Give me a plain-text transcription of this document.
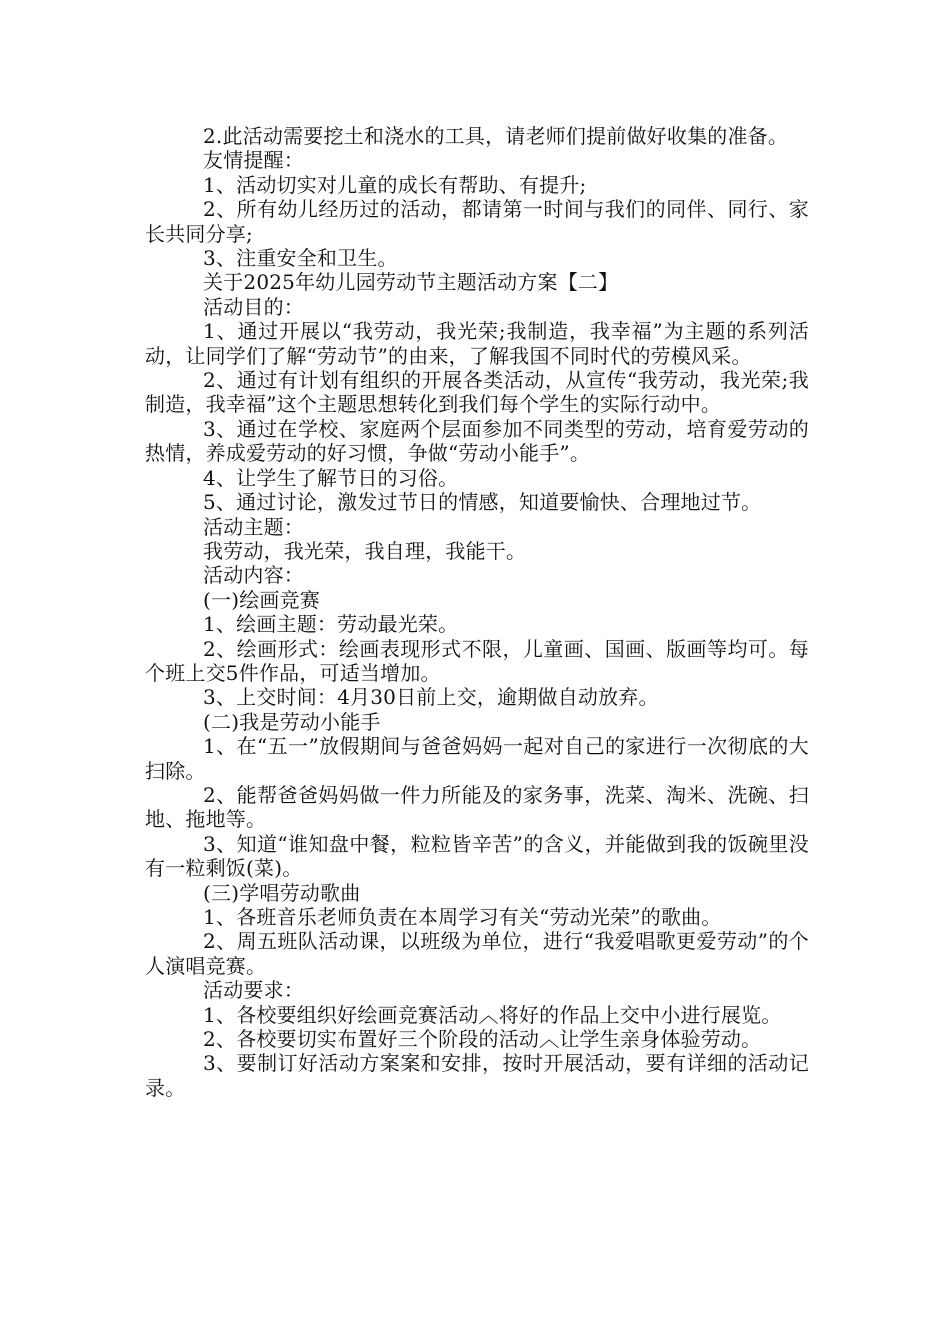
2.此活动需要挖土和浇水的工具，请老师们提前做好收集的准备。

友情提醒：

1、活动切实对儿童的成长有帮助、有提升;

2、所有幼儿经历过的活动，都请第一时间与我们的同伴、同行、家长共同分享;

3、注重安全和卫生。

关于2025年幼儿园劳动节主题活动方案【二】

活动目的：

1、通过开展以“我劳动，我光荣;我制造，我幸福”为主题的系列活动，让同学们了解“劳动节”的由来，了解我国不同时代的劳模风采。

2、通过有计划有组织的开展各类活动，从宣传“我劳动，我光荣;我制造，我幸福”这个主题思想转化到我们每个学生的实际行动中。

3、通过在学校、家庭两个层面参加不同类型的劳动，培育爱劳动的热情，养成爱劳动的好习惯，争做“劳动小能手”。

4、让学生了解节日的习俗。

5、通过讨论，激发过节日的情感，知道要愉快、合理地过节。

活动主题：

我劳动，我光荣，我自理，我能干。

活动内容：

(一)绘画竞赛

1、绘画主题：劳动最光荣。

2、绘画形式：绘画表现形式不限，儿童画、国画、版画等均可。每个班上交5件作品，可适当增加。

3、上交时间：4月30日前上交，逾期做自动放弃。

(二)我是劳动小能手

1、在“五一”放假期间与爸爸妈妈一起对自己的家进行一次彻底的大扫除。

2、能帮爸爸妈妈做一件力所能及的家务事，洗菜、淘米、洗碗、扫地、拖地等。

3、知道“谁知盘中餐，粒粒皆辛苦”的含义，并能做到我的饭碗里没有一粒剩饭(菜)。

(三)学唱劳动歌曲

1、各班音乐老师负责在本周学习有关“劳动光荣”的歌曲。

2、周五班队活动课，以班级为单位，进行“我爱唱歌更爱劳动”的个人演唱竞赛。

活动要求：

1、各校要组织好绘画竞赛活动︿将好的作品上交中小进行展览。

2、各校要切实布置好三个阶段的活动︿让学生亲身体验劳动。

3、要制订好活动方案案和安排，按时开展活动，要有详细的活动记录。
